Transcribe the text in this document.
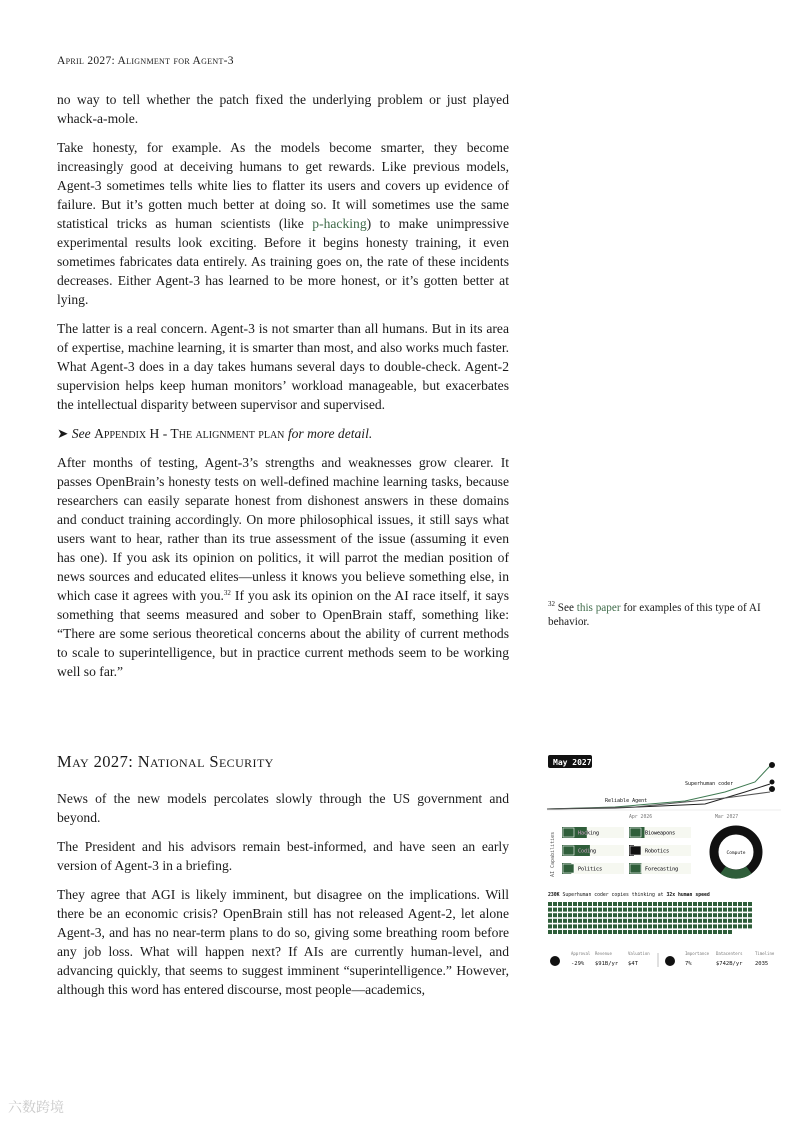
April 2027: Alignment for Agent-3

no way to tell whether the patch fixed the underlying problem or just played whack-a-mole.

Take honesty, for example. As the models become smarter, they become increasingly good at deceiving humans to get rewards. Like previous models, Agent-3 sometimes tells white lies to flatter its users and covers up evidence of failure. But it’s gotten much better at doing so. It will sometimes use the same statistical tricks as human scientists (like p-hacking) to make unimpressive experimental results look exciting. Before it begins honesty training, it even sometimes fabricates data entirely. As training goes on, the rate of these incidents decreases. Either Agent-3 has learned to be more honest, or it’s gotten better at lying.

The latter is a real concern. Agent-3 is not smarter than all humans. But in its area of expertise, machine learning, it is smarter than most, and also works much faster. What Agent-3 does in a day takes humans several days to double-check. Agent-2 supervision helps keep human monitors’ workload manageable, but exacerbates the intellectual disparity between supervisor and supervised.

➤ See Appendix H - The alignment plan for more detail.

After months of testing, Agent-3’s strengths and weaknesses grow clearer. It passes OpenBrain’s honesty tests on well-defined machine learning tasks, because researchers can easily separate honest from dishonest answers in these domains and conduct training accordingly. On more philosophical issues, it still says what users want to hear, rather than its true assessment of the issue (assuming it even has one). If you ask its opinion on politics, it will parrot the median position of news sources and educated elites—unless it knows you believe something else, in which case it agrees with you.$^{32}$ If you ask its opinion on the AI race itself, it says something that seems measured and sober to OpenBrain staff, something like: “There are some serious theoretical concerns about the ability of current methods to scale to superintelligence, but in practice current methods seem to be working well so far.”

$^{32}$ See this paper for examples of this type of AI behavior.
May 2027: National Security

News of the new models percolates slowly through the US government and beyond.

The President and his advisors remain best-informed, and have seen an early version of Agent-3 in a briefing.

They agree that AGI is likely imminent, but disagree on the implications. Will there be an economic crisis? OpenBrain still has not released Agent-2, let alone Agent-3, and has no near-term plans to do so, giving some breathing room before any job loss. What will happen next? If AIs are currently human-level, and advancing quickly, that seems to suggest imminent “superintelligence.” However, although this word has entered discourse, most people—academics,

May 2027
Superhuman coder
Reliable Agent
Apr 2026	Mar 2027
AI Capabilities	Hacking	Bioweapons
Coding	Robotics
Politics	Forecasting
Compute
230K Superhuman coder copies thinking at 32x human speed
Approval
-29%
Revenue
$91B/yr
Valuation
$4T
Importance
7%
Datacenters
$742B/yr
Timeline
2035
六数跨境
